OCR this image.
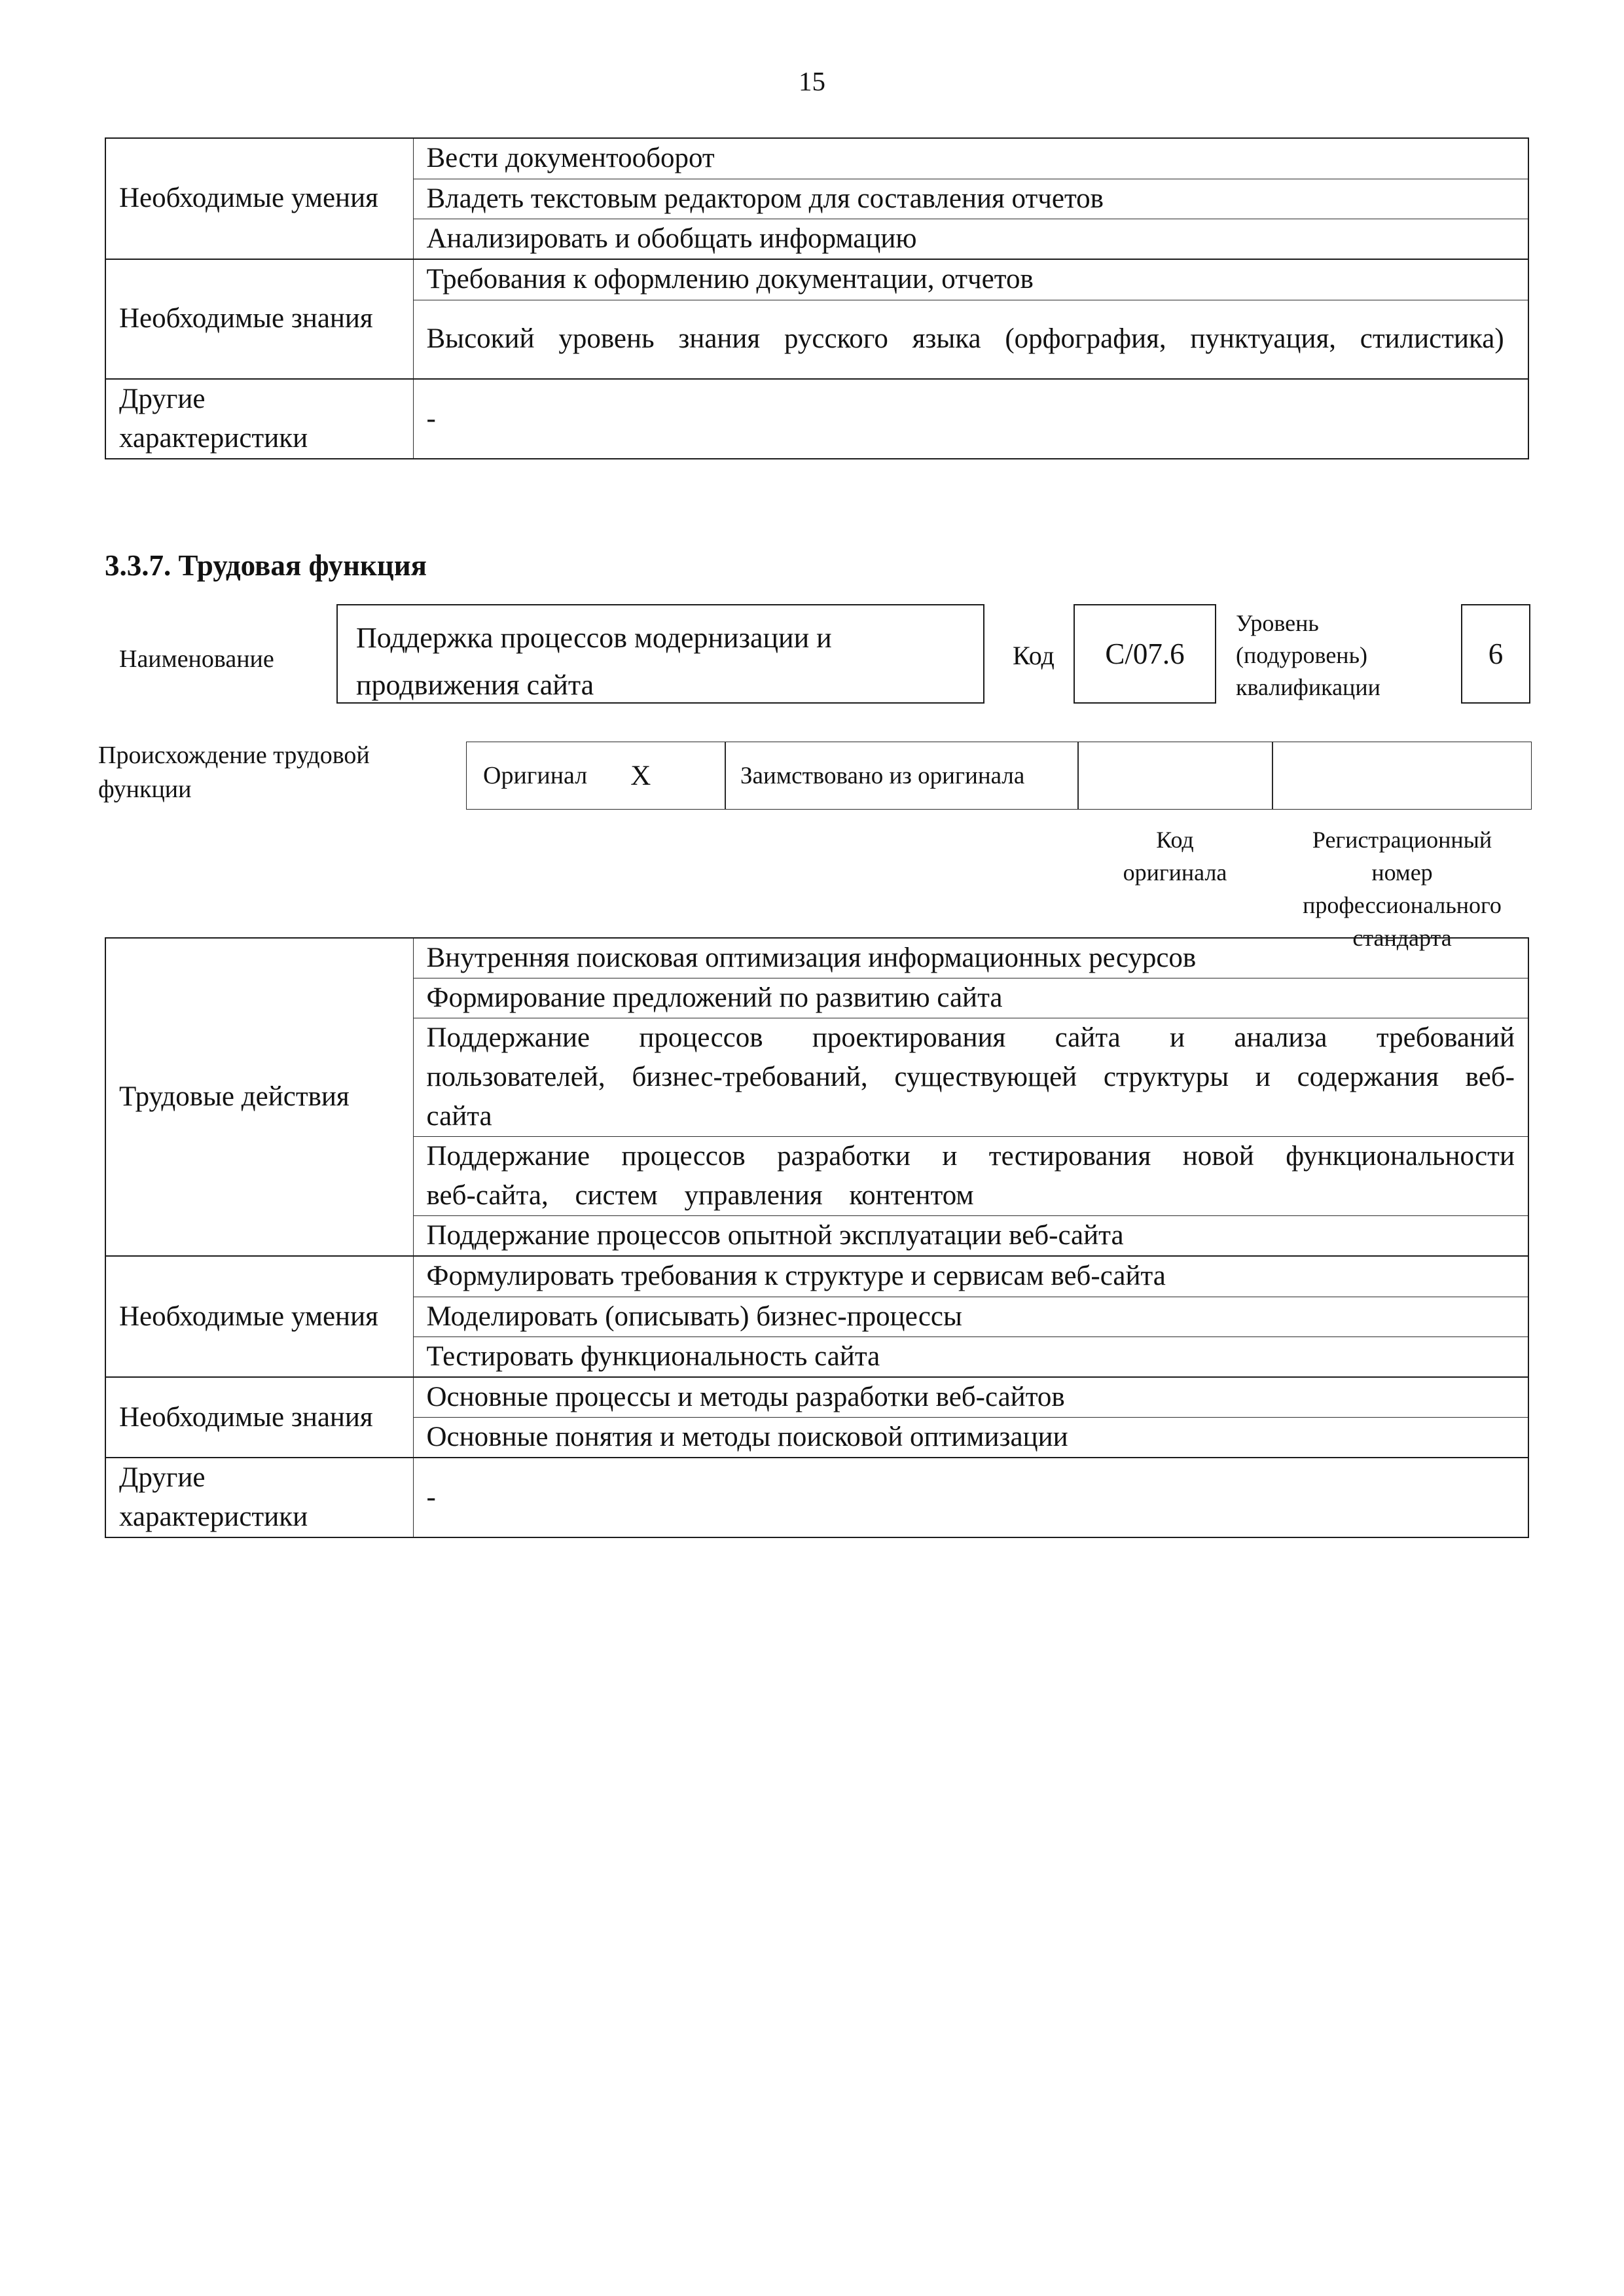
15
Необходимые умения	Вести документооборот
	Владеть текстовым редактором для составления отчетов
	Анализировать и обобщать информацию
Необходимые знания	Требования к оформлению документации, отчетов
	Высокий уровень знания русского языка (орфография, пунктуация, стилистика)
Другие характеристики	-
3.3.7. Трудовая функция
Наименование
Поддержка процессов модернизации и продвижения сайта
Код С/07.6
Уровень (подуровень) квалификации
6
Происхождение трудовой функции	Оригинал X	Заимствовано из оригинала
Код оригинала
Регистрационный номер профессионального стандарта
Трудовые действия	Внутренняя поисковая оптимизация информационных ресурсов
	Формирование предложений по развитию сайта
	Поддержание процессов проектирования сайта и анализа требований пользователей, бизнес-требований, существующей структуры и содержания веб-сайта
	Поддержание процессов разработки и тестирования новой функциональности веб-сайта, систем управления контентом
	Поддержание процессов опытной эксплуатации веб-сайта
Необходимые умения	Формулировать требования к структуре и сервисам веб-сайта
	Моделировать (описывать) бизнес-процессы
	Тестировать функциональность сайта
Необходимые знания	Основные процессы и методы разработки веб-сайтов
	Основные понятия и методы поисковой оптимизации
Другие характеристики	-
